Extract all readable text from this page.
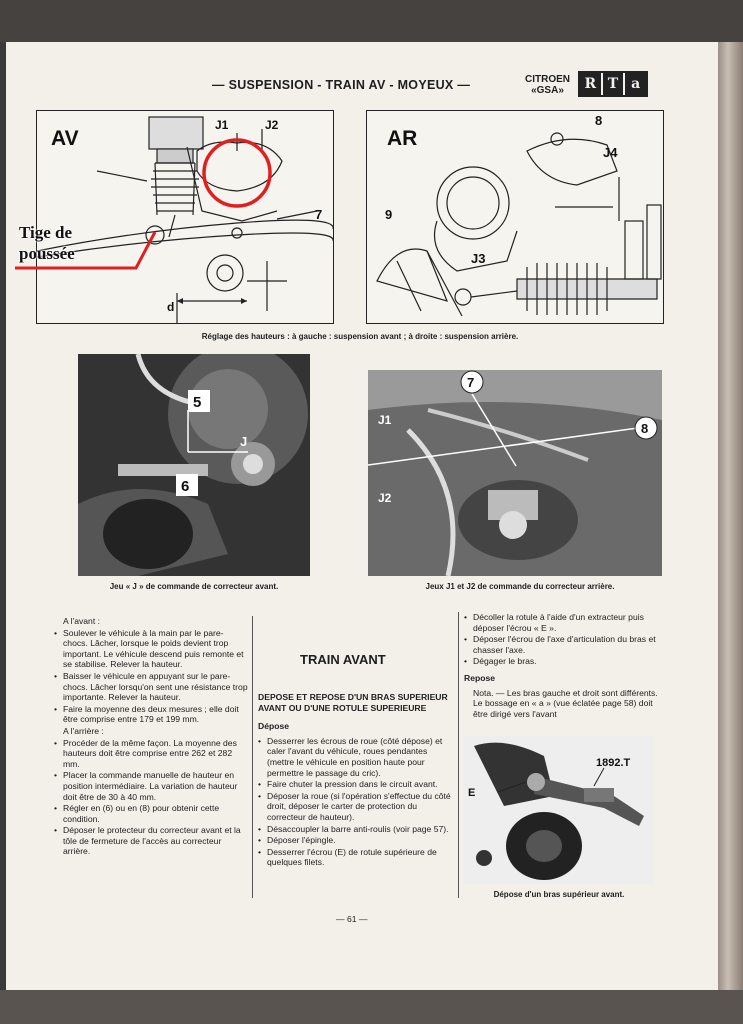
— SUSPENSION - TRAIN AV - MOYEUX —	CITROEN
«GSA»	R T a
AV
J1	J2
7
d
Tige de
poussée
AR
8
J4
9
J3
Réglage des hauteurs : à gauche : suspension avant ; à droite : suspension arrière.
5
6
J
Jeu « J » de commande de correcteur avant.
7
8
J1
J2
Jeux J1 et J2 de commande du correcteur arrière.

A l'avant :

• Soulever le véhicule à la main par le pare-chocs. Lâcher, lorsque le poids devient trop important. Le véhicule descend puis remonte et se stabilise. Relever la hauteur.

• Baisser le véhicule en appuyant sur le pare-chocs. Lâcher lorsqu'on sent une résistance trop importante. Relever la hauteur.

• Faire la moyenne des deux mesures ; elle doit être comprise entre 179 et 199 mm.

A l'arrière :

• Procéder de la même façon. La moyenne des hauteurs doit être comprise entre 262 et 282 mm.

• Placer la commande manuelle de hauteur en position intermédiaire. La variation de hauteur doit être de 30 à 40 mm.

• Régler en (6) ou en (8) pour obtenir cette condition.

• Déposer le protecteur du correcteur avant et la tôle de fermeture de l'accès au correcteur arrière.

TRAIN AVANT

DEPOSE ET REPOSE D'UN BRAS SUPERIEUR AVANT OU D'UNE ROTULE SUPERIEURE

Dépose

• Desserrer les écrous de roue (côté dépose) et caler l'avant du véhicule, roues pendantes (mettre le véhicule en position haute pour permettre le passage du cric).

• Faire chuter la pression dans le circuit avant.

• Déposer la roue (si l'opération s'effectue du côté droit, déposer le carter de protection du correcteur de hauteur).

• Désaccoupler la barre anti-roulis (voir page 57).

• Déposer l'épingle.

• Desserrer l'écrou (E) de rotule supérieure de quelques filets.

• Décoller la rotule à l'aide d'un extracteur puis déposer l'écrou « E ».

• Déposer l'écrou de l'axe d'articulation du bras et chasser l'axe.

• Dégager le bras.

Repose

Nota. — Les bras gauche et droit sont différents. Le bossage en « a » (vue éclatée page 58) doit être dirigé vers l'avant

E
1892.T
Dépose d'un bras supérieur avant.
— 61 —
